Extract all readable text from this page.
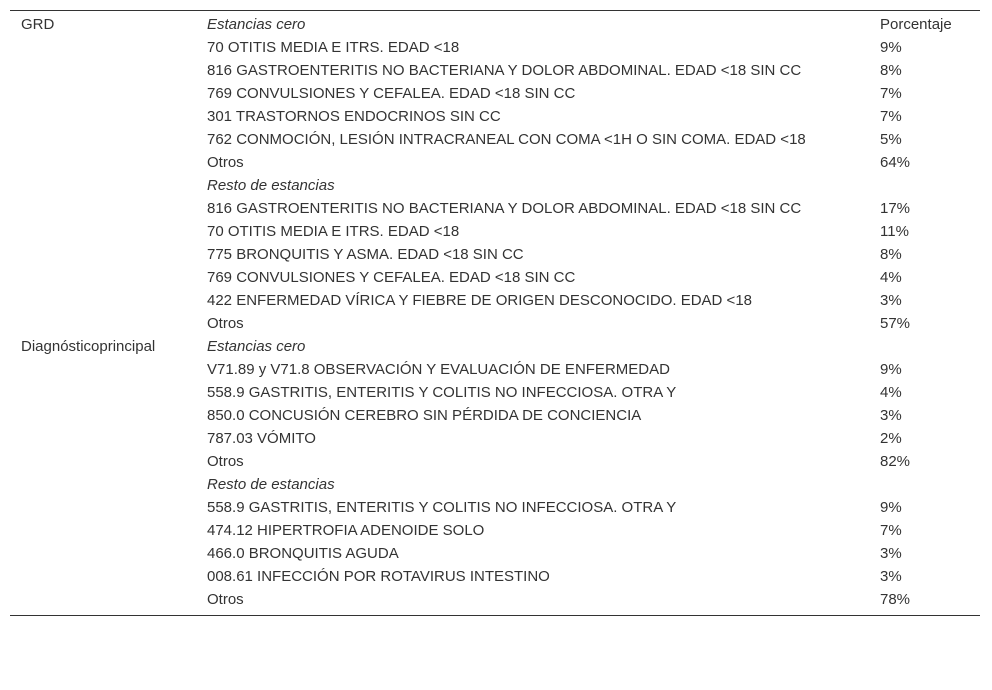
GRD	Estancias cero	Porcentaje
	70 OTITIS MEDIA E ITRS. EDAD <18	9%
	816 GASTROENTERITIS NO BACTERIANA Y DOLOR ABDOMINAL. EDAD <18 SIN CC	8%
	769 CONVULSIONES Y CEFALEA. EDAD <18 SIN CC	7%
	301 TRASTORNOS ENDOCRINOS SIN CC	7%
	762 CONMOCIÓN, LESIÓN INTRACRANEAL CON COMA <1H O SIN COMA. EDAD <18	5%
	Otros	64%
	Resto de estancias	
	816 GASTROENTERITIS NO BACTERIANA Y DOLOR ABDOMINAL. EDAD <18 SIN CC	17%
	70 OTITIS MEDIA E ITRS. EDAD <18	11%
	775 BRONQUITIS Y ASMA. EDAD <18 SIN CC	8%
	769 CONVULSIONES Y CEFALEA. EDAD <18 SIN CC	4%
	422 ENFERMEDAD VÍRICA Y FIEBRE DE ORIGEN DESCONOCIDO. EDAD <18	3%
	Otros	57%
Diagnósticoprincipal	Estancias cero	
	V71.89 y V71.8 OBSERVACIÓN Y EVALUACIÓN DE ENFERMEDAD	9%
	558.9 GASTRITIS, ENTERITIS Y COLITIS NO INFECCIOSA. OTRA Y	4%
	850.0 CONCUSIÓN CEREBRO SIN PÉRDIDA DE CONCIENCIA	3%
	787.03 VÓMITO	2%
	Otros	82%
	Resto de estancias	
	558.9 GASTRITIS, ENTERITIS Y COLITIS NO INFECCIOSA. OTRA Y	9%
	474.12 HIPERTROFIA ADENOIDE SOLO	7%
	466.0 BRONQUITIS AGUDA	3%
	008.61 INFECCIÓN POR ROTAVIRUS INTESTINO	3%
	Otros	78%
